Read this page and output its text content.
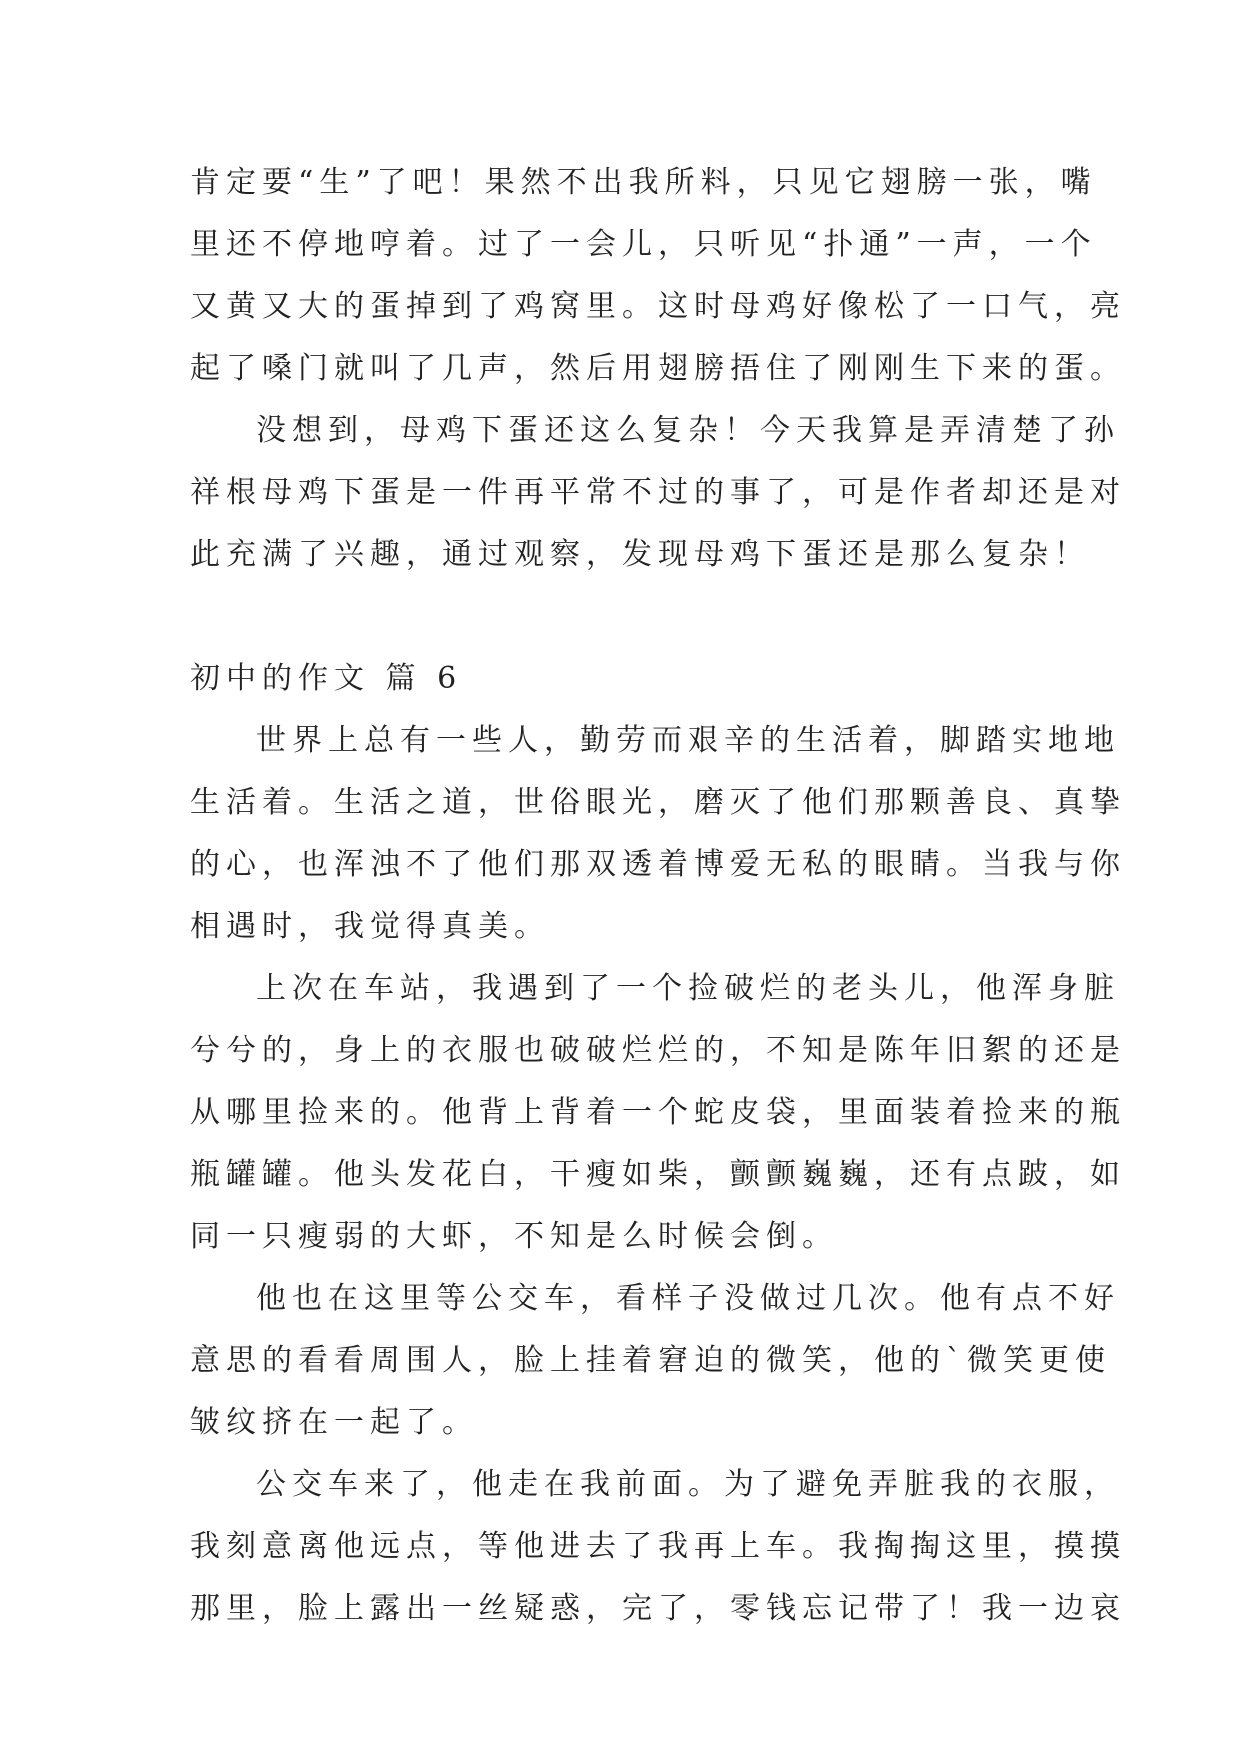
肯定要“生”了吧！果然不出我所料，只见它翅膀一张，嘴
里还不停地哼着。过了一会儿，只听见“扑通”一声，一个
又黄又大的蛋掉到了鸡窝里。这时母鸡好像松了一口气，亮
起了嗓门就叫了几声，然后用翅膀捂住了刚刚生下来的蛋。
没想到，母鸡下蛋还这么复杂！今天我算是弄清楚了孙
祥根母鸡下蛋是一件再平常不过的事了，可是作者却还是对
此充满了兴趣，通过观察，发现母鸡下蛋还是那么复杂！
初中的作文 篇 6
世界上总有一些人，勤劳而艰辛的生活着，脚踏实地地
生活着。生活之道，世俗眼光，磨灭了他们那颗善良、真挚
的心，也浑浊不了他们那双透着博爱无私的眼睛。当我与你
相遇时，我觉得真美。
上次在车站，我遇到了一个捡破烂的老头儿，他浑身脏
兮兮的，身上的衣服也破破烂烂的，不知是陈年旧絮的还是
从哪里捡来的。他背上背着一个蛇皮袋，里面装着捡来的瓶
瓶罐罐。他头发花白，干瘦如柴，颤颤巍巍，还有点跛，如
同一只瘦弱的大虾，不知是么时候会倒。
他也在这里等公交车，看样子没做过几次。他有点不好
意思的看看周围人，脸上挂着窘迫的微笑，他的`微笑更使
皱纹挤在一起了。
公交车来了，他走在我前面。为了避免弄脏我的衣服，
我刻意离他远点，等他进去了我再上车。我掏掏这里，摸摸
那里，脸上露出一丝疑惑，完了，零钱忘记带了！我一边哀
